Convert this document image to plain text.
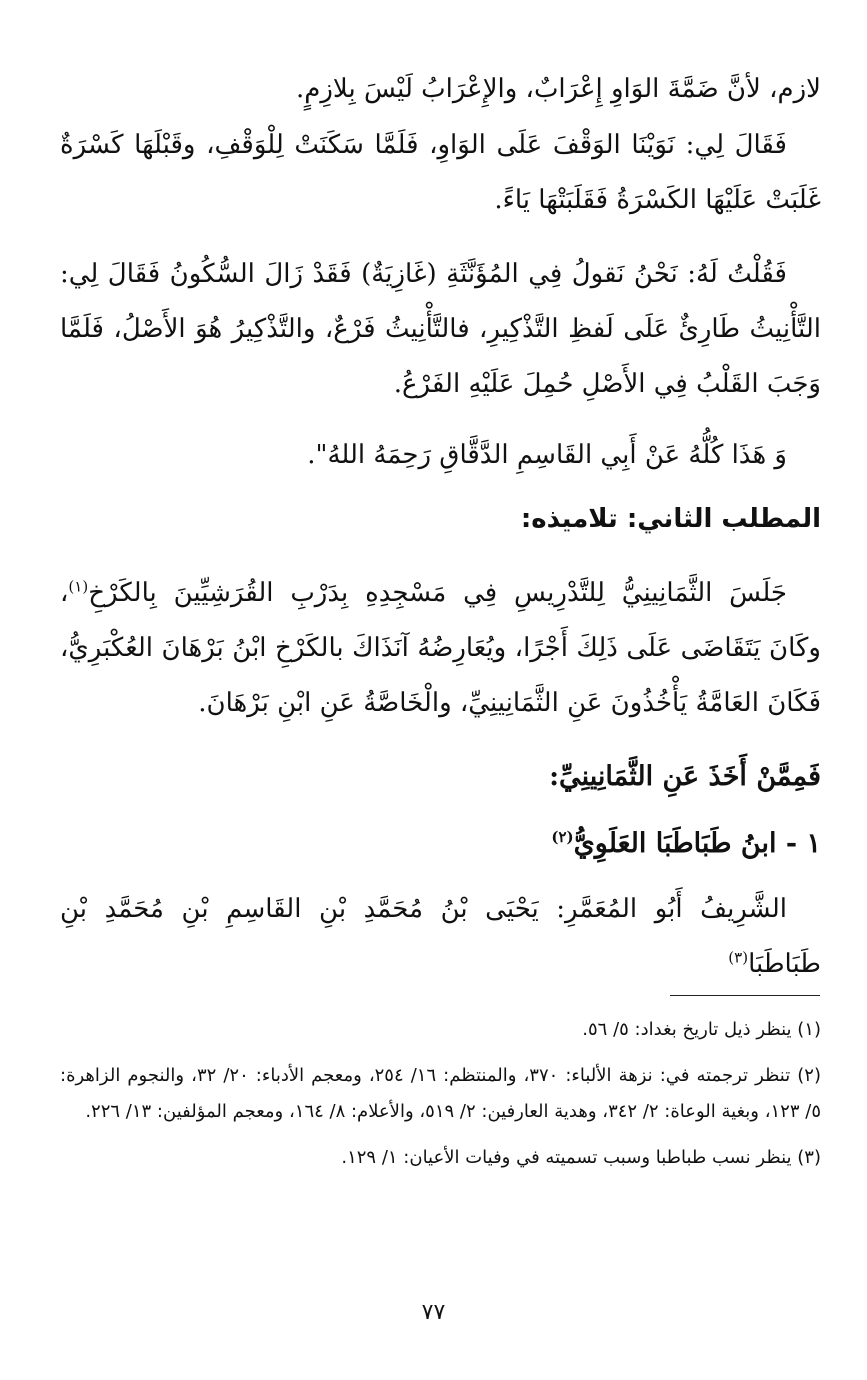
لازم، لأنَّ ضَمَّةَ الوَاوِ إِعْرَابٌ، والإِعْرَابُ لَيْسَ بِلازِمٍ.

فَقَالَ لِي: نَوَيْنَا الوَقْفَ عَلَى الوَاوِ، فَلَمَّا سَكَنَتْ لِلْوَقْفِ، وقَبْلَهَا كَسْرَةٌ غَلَبَتْ عَلَيْهَا الكَسْرَةُ فَقَلَبَتْهَا يَاءً.

فَقُلْتُ لَهُ: نَحْنُ نَقولُ فِي المُؤَنَّثَةِ (غَازِيَةٌ) فَقَدْ زَالَ السُّكُونُ فَقَالَ لِي: التَّأْنِيثُ طَارِئٌ عَلَى لَفظِ التَّذْكِيرِ، فالتَّأْنِيثُ فَرْعٌ، والتَّذْكِيرُ هُوَ الأَصْلُ، فَلَمَّا وَجَبَ القَلْبُ فِي الأَصْلِ حُمِلَ عَلَيْهِ الفَرْعُ.

وَ هَذَا كُلُّهُ عَنْ أَبِي القَاسِمِ الدَّقَّاقِ رَحِمَهُ اللهُ".

المطلب الثاني: تلاميذه:

جَلَسَ الثَّمَانِينِيُّ لِلتَّدْرِيسِ فِي مَسْجِدِهِ بِدَرْبِ القُرَشِيِّينَ بِالكَرْخِ$^{(١)}$، وكَانَ يَتَقَاضَى عَلَى ذَلِكَ أَجْرًا، ويُعَارِضُهُ آنَذَاكَ بالكَرْخِ ابْنُ بَرْهَانَ العُكْبَرِيُّ، فَكَانَ العَامَّةُ يَأْخُذُونَ عَنِ الثَّمَانِينِيِّ، والْخَاصَّةُ عَنِ ابْنِ بَرْهَانَ.

فَمِمَّنْ أَخَذَ عَنِ الثَّمَانِينِيِّ:
١ - ابنُ طَبَاطَبَا العَلَوِيُّ$^{(٢)}$

الشَّرِيفُ أَبُو المُعَمَّرِ: يَحْيَى بْنُ مُحَمَّدِ بْنِ القَاسِمِ بْنِ مُحَمَّدِ بْنِ طَبَاطَبَا$^{(٣)}$

(١) ينظر ذيل تاريخ بغداد: ٥/ ٥٦.
(٢) تنظر ترجمته في: نزهة الألباء: ٣٧٠، والمنتظم: ١٦/ ٢٥٤، ومعجم الأدباء: ٢٠/ ٣٢، والنجوم الزاهرة: ٥/ ١٢٣، وبغية الوعاة: ٢/ ٣٤٢، وهدية العارفين: ٢/ ٥١٩، والأعلام: ٨/ ١٦٤، ومعجم المؤلفين: ١٣/ ٢٢٦.
(٣) ينظر نسب طباطبا وسبب تسميته في وفيات الأعيان: ١/ ١٢٩.
٧٧
